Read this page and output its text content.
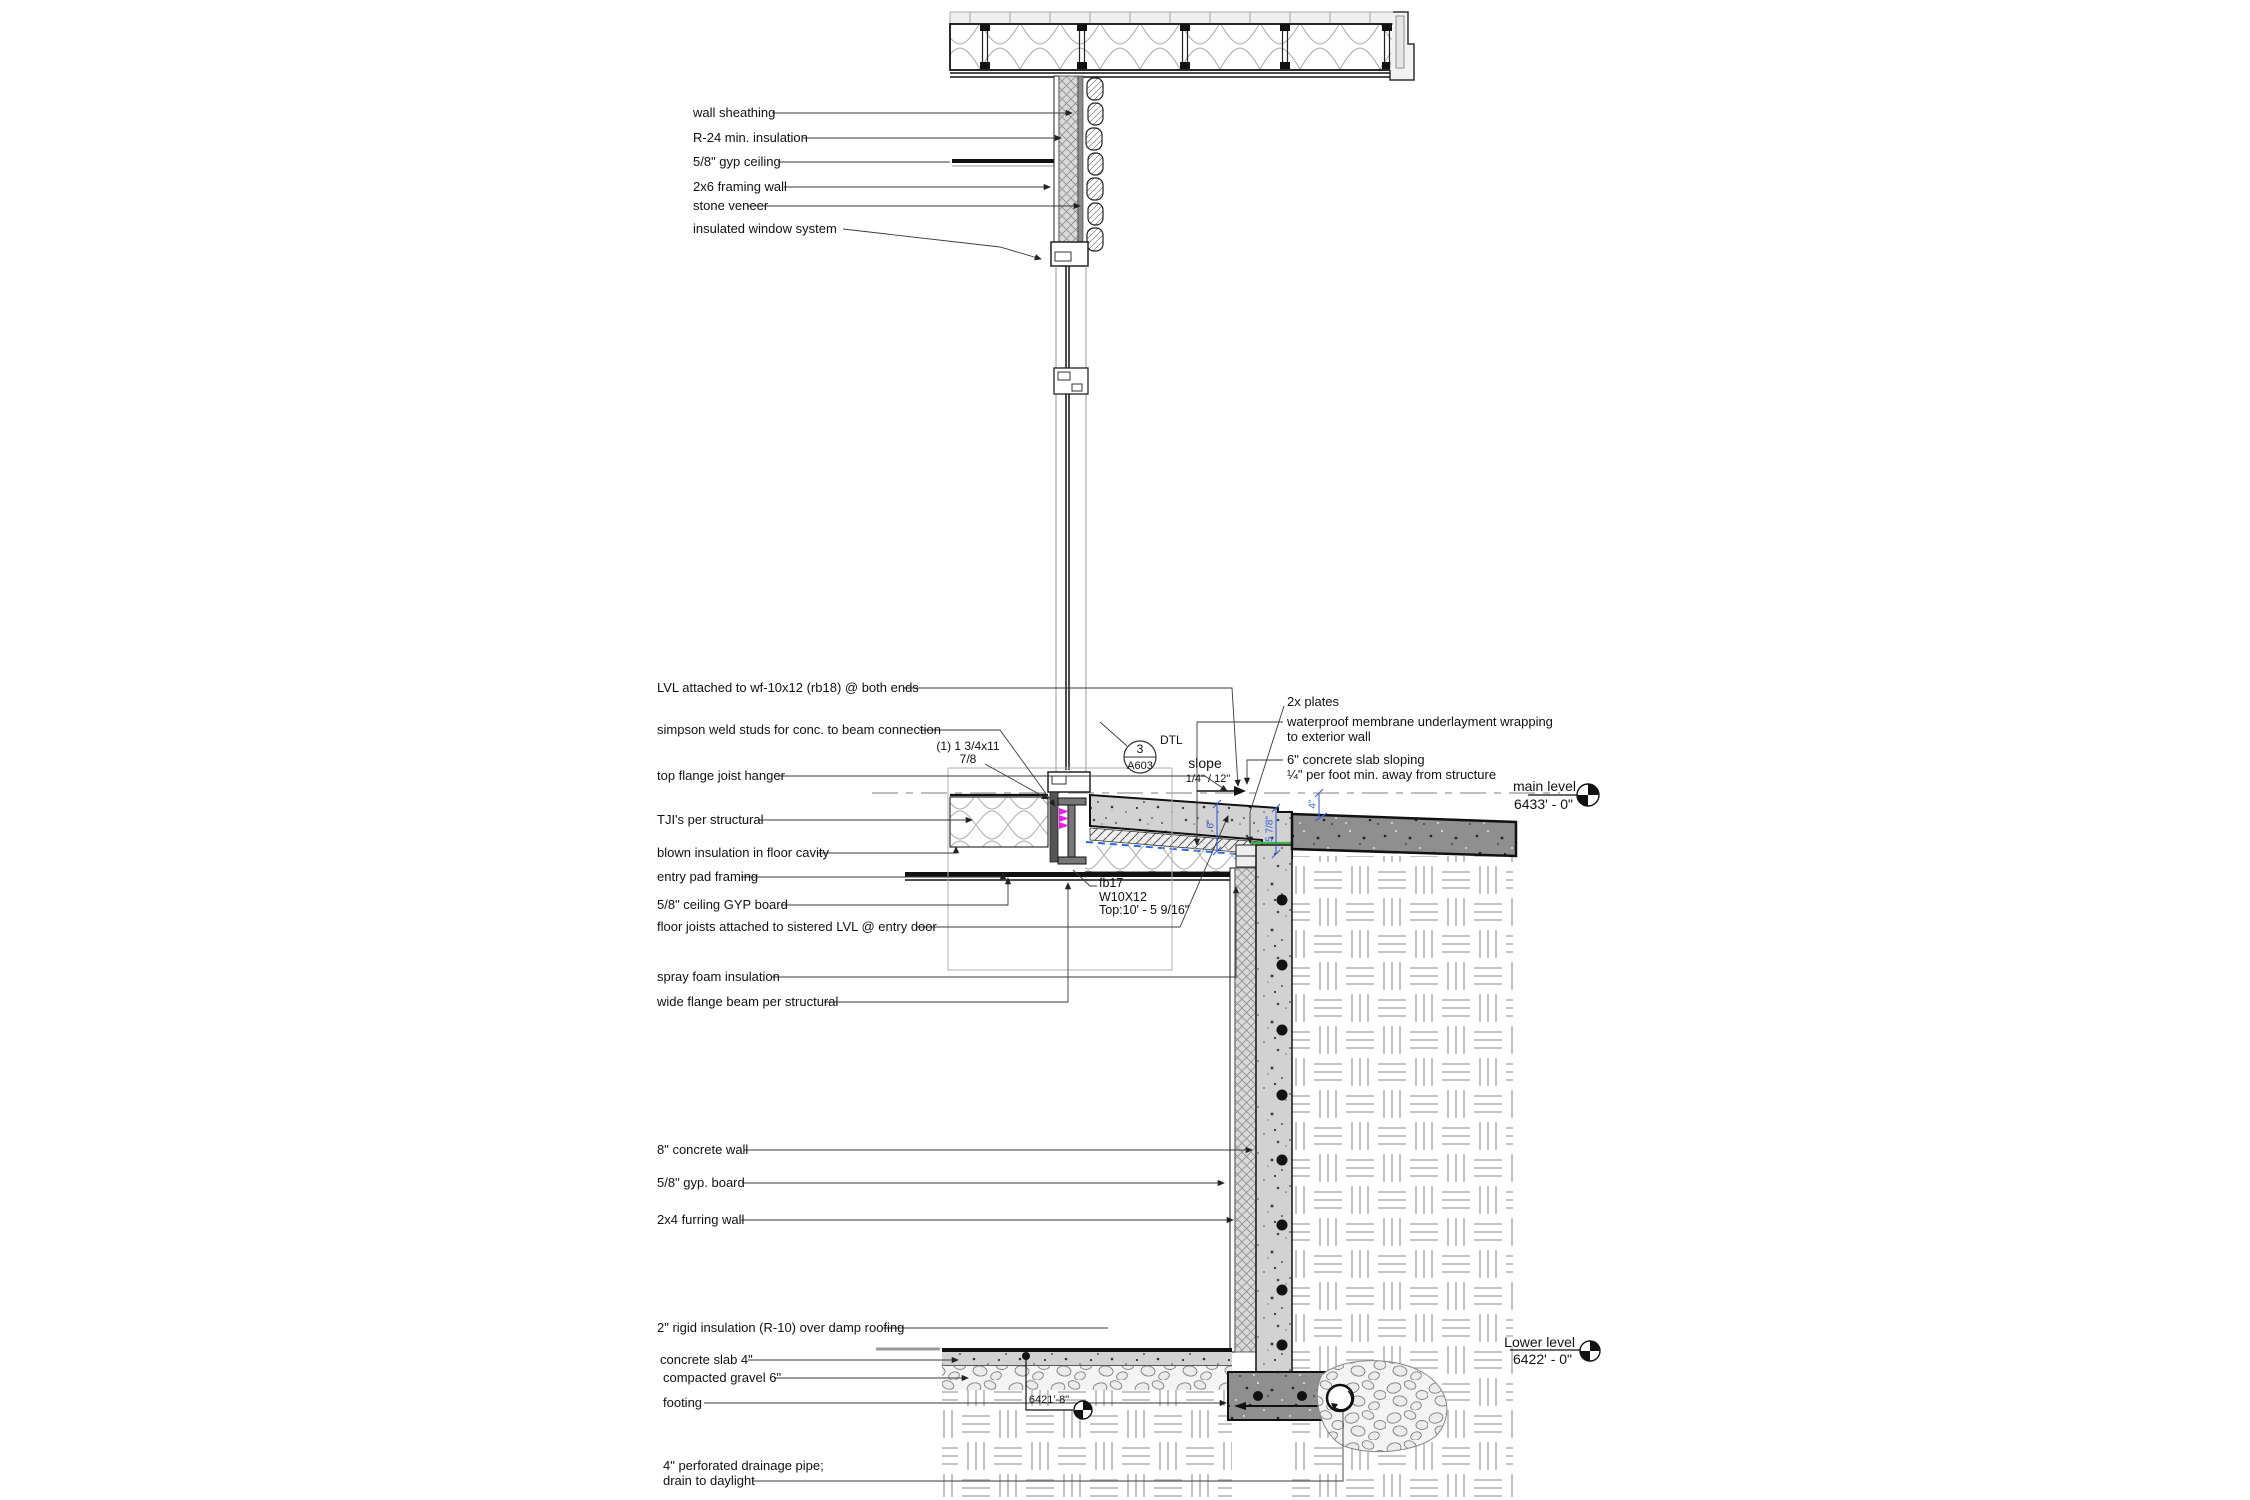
wall sheathing
R-24 min. insulation
5/8" gyp ceiling
2x6 framing wall
stone veneer
insulated window system
LVL attached to wf-10x12 (rb18) @ both ends
simpson weld studs for conc. to beam connection
(1) 1 3/4x11
7/8
top flange joist hanger
TJI's per structural
blown insulation in floor cavity
entry pad framing
5/8" ceiling GYP board
floor joists attached to sistered LVL @ entry door
spray foam insulation
wide flange beam per structural
8" concrete wall
5/8" gyp. board
2x4 furring wall
2" rigid insulation (R-10) over damp roofing
concrete slab 4"
compacted gravel 6"
footing
4" perforated drainage pipe;
drain to daylight
2x plates
waterproof membrane underlayment wrapping
to exterior wall
6" concrete slab sloping
¼" per foot min. away from structure
3
A603
DTL
slope
1/4" / 12"
fb17
W10X12
Top:10' - 5 9/16"
6"	5 7/8"
4"
main level
6433' - 0"
Lower level
6422' - 0"
6421'-8"
